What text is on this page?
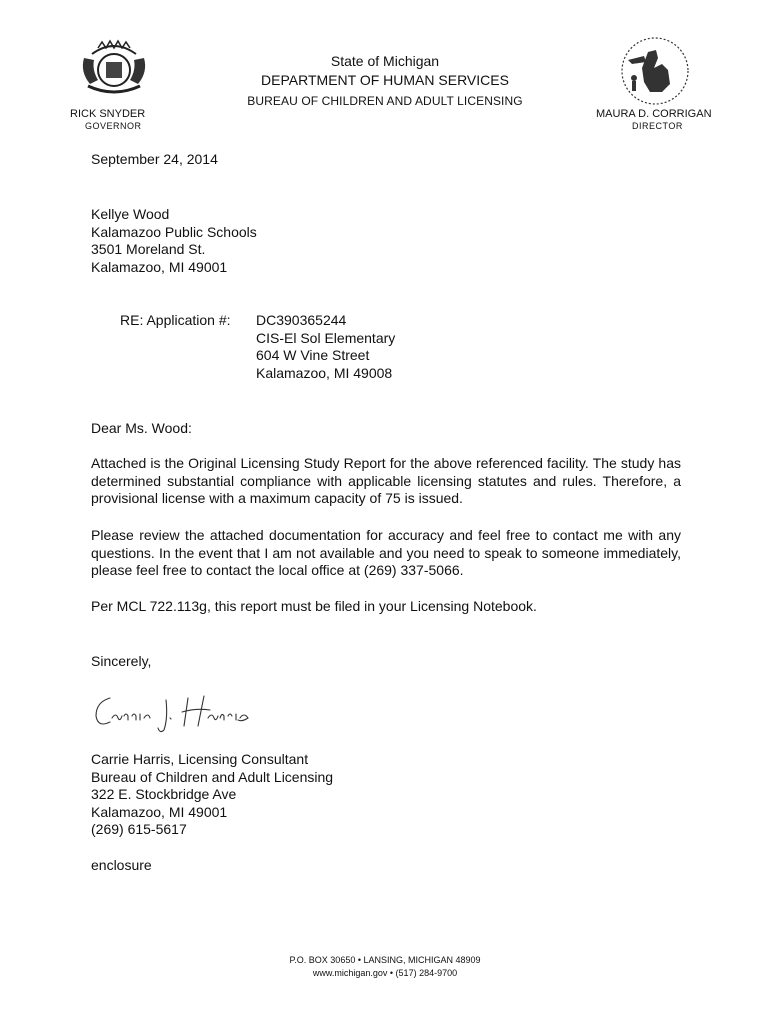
State of Michigan
DEPARTMENT OF HUMAN SERVICES
BUREAU OF CHILDREN AND ADULT LICENSING
RICK SNYDER
GOVERNOR
MAURA D. CORRIGAN
DIRECTOR
September 24, 2014
Kellye Wood
Kalamazoo Public Schools
3501 Moreland St.
Kalamazoo, MI 49001
RE: Application #: DC390365244
CIS-El Sol Elementary
604 W Vine Street
Kalamazoo, MI 49008
Dear Ms. Wood:
Attached is the Original Licensing Study Report for the above referenced facility. The study has determined substantial compliance with applicable licensing statutes and rules. Therefore, a provisional license with a maximum capacity of 75 is issued.
Please review the attached documentation for accuracy and feel free to contact me with any questions. In the event that I am not available and you need to speak to someone immediately, please feel free to contact the local office at (269) 337-5066.
Per MCL 722.113g, this report must be filed in your Licensing Notebook.
Sincerely,
Carrie Harris, Licensing Consultant
Bureau of Children and Adult Licensing
322 E. Stockbridge Ave
Kalamazoo, MI 49001
(269) 615-5617
enclosure
P.O. BOX 30650 • LANSING, MICHIGAN 48909
www.michigan.gov • (517) 284-9700
